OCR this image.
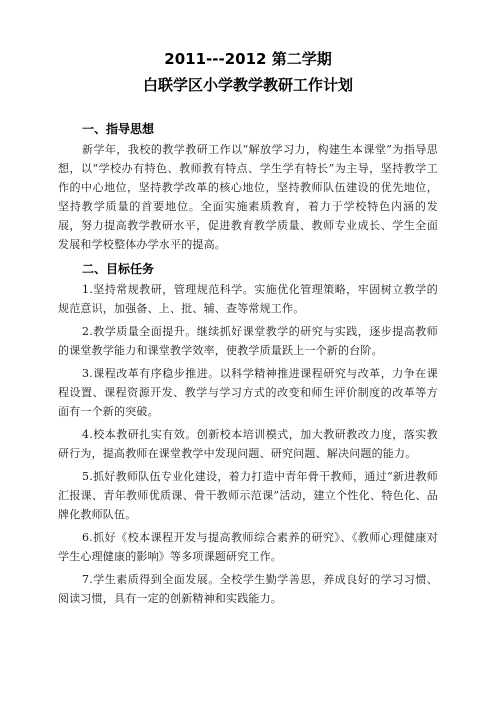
2011---2012 第二学期

白联学区小学教学教研工作计划

一、指导思想

新学年，我校的教学教研工作以“解放学习力，构建生本课堂”为指导思想，以“学校办有特色、教师教有特点、学生学有特长”为主导，坚持教学工作的中心地位，坚持教学改革的核心地位，坚持教师队伍建设的优先地位，坚持教学质量的首要地位。全面实施素质教育，着力于学校特色内涵的发展，努力提高教学教研水平，促进教育教学质量、教师专业成长、学生全面发展和学校整体办学水平的提高。

二、目标任务

1.坚持常规教研，管理规范科学。实施优化管理策略，牢固树立教学的规范意识，加强备、上、批、辅、查等常规工作。

2.教学质量全面提升。继续抓好课堂教学的研究与实践，逐步提高教师的课堂教学能力和课堂教学效率，使教学质量跃上一个新的台阶。

3.课程改革有序稳步推进。以科学精神推进课程研究与改革，力争在课程设置、课程资源开发、教学与学习方式的改变和师生评价制度的改革等方面有一个新的突破。

4.校本教研扎实有效。创新校本培训模式，加大教研教改力度，落实教研行为，提高教师在课堂教学中发现问题、研究问题、解决问题的能力。

5.抓好教师队伍专业化建设，着力打造中青年骨干教师，通过“新进教师汇报课、青年教师优质课、骨干教师示范课”活动，建立个性化、特色化、品牌化教师队伍。

6.抓好《校本课程开发与提高教师综合素养的研究》、《教师心理健康对学生心理健康的影响》等多项课题研究工作。

7.学生素质得到全面发展。全校学生勤学善思，养成良好的学习习惯、阅读习惯，具有一定的创新精神和实践能力。
